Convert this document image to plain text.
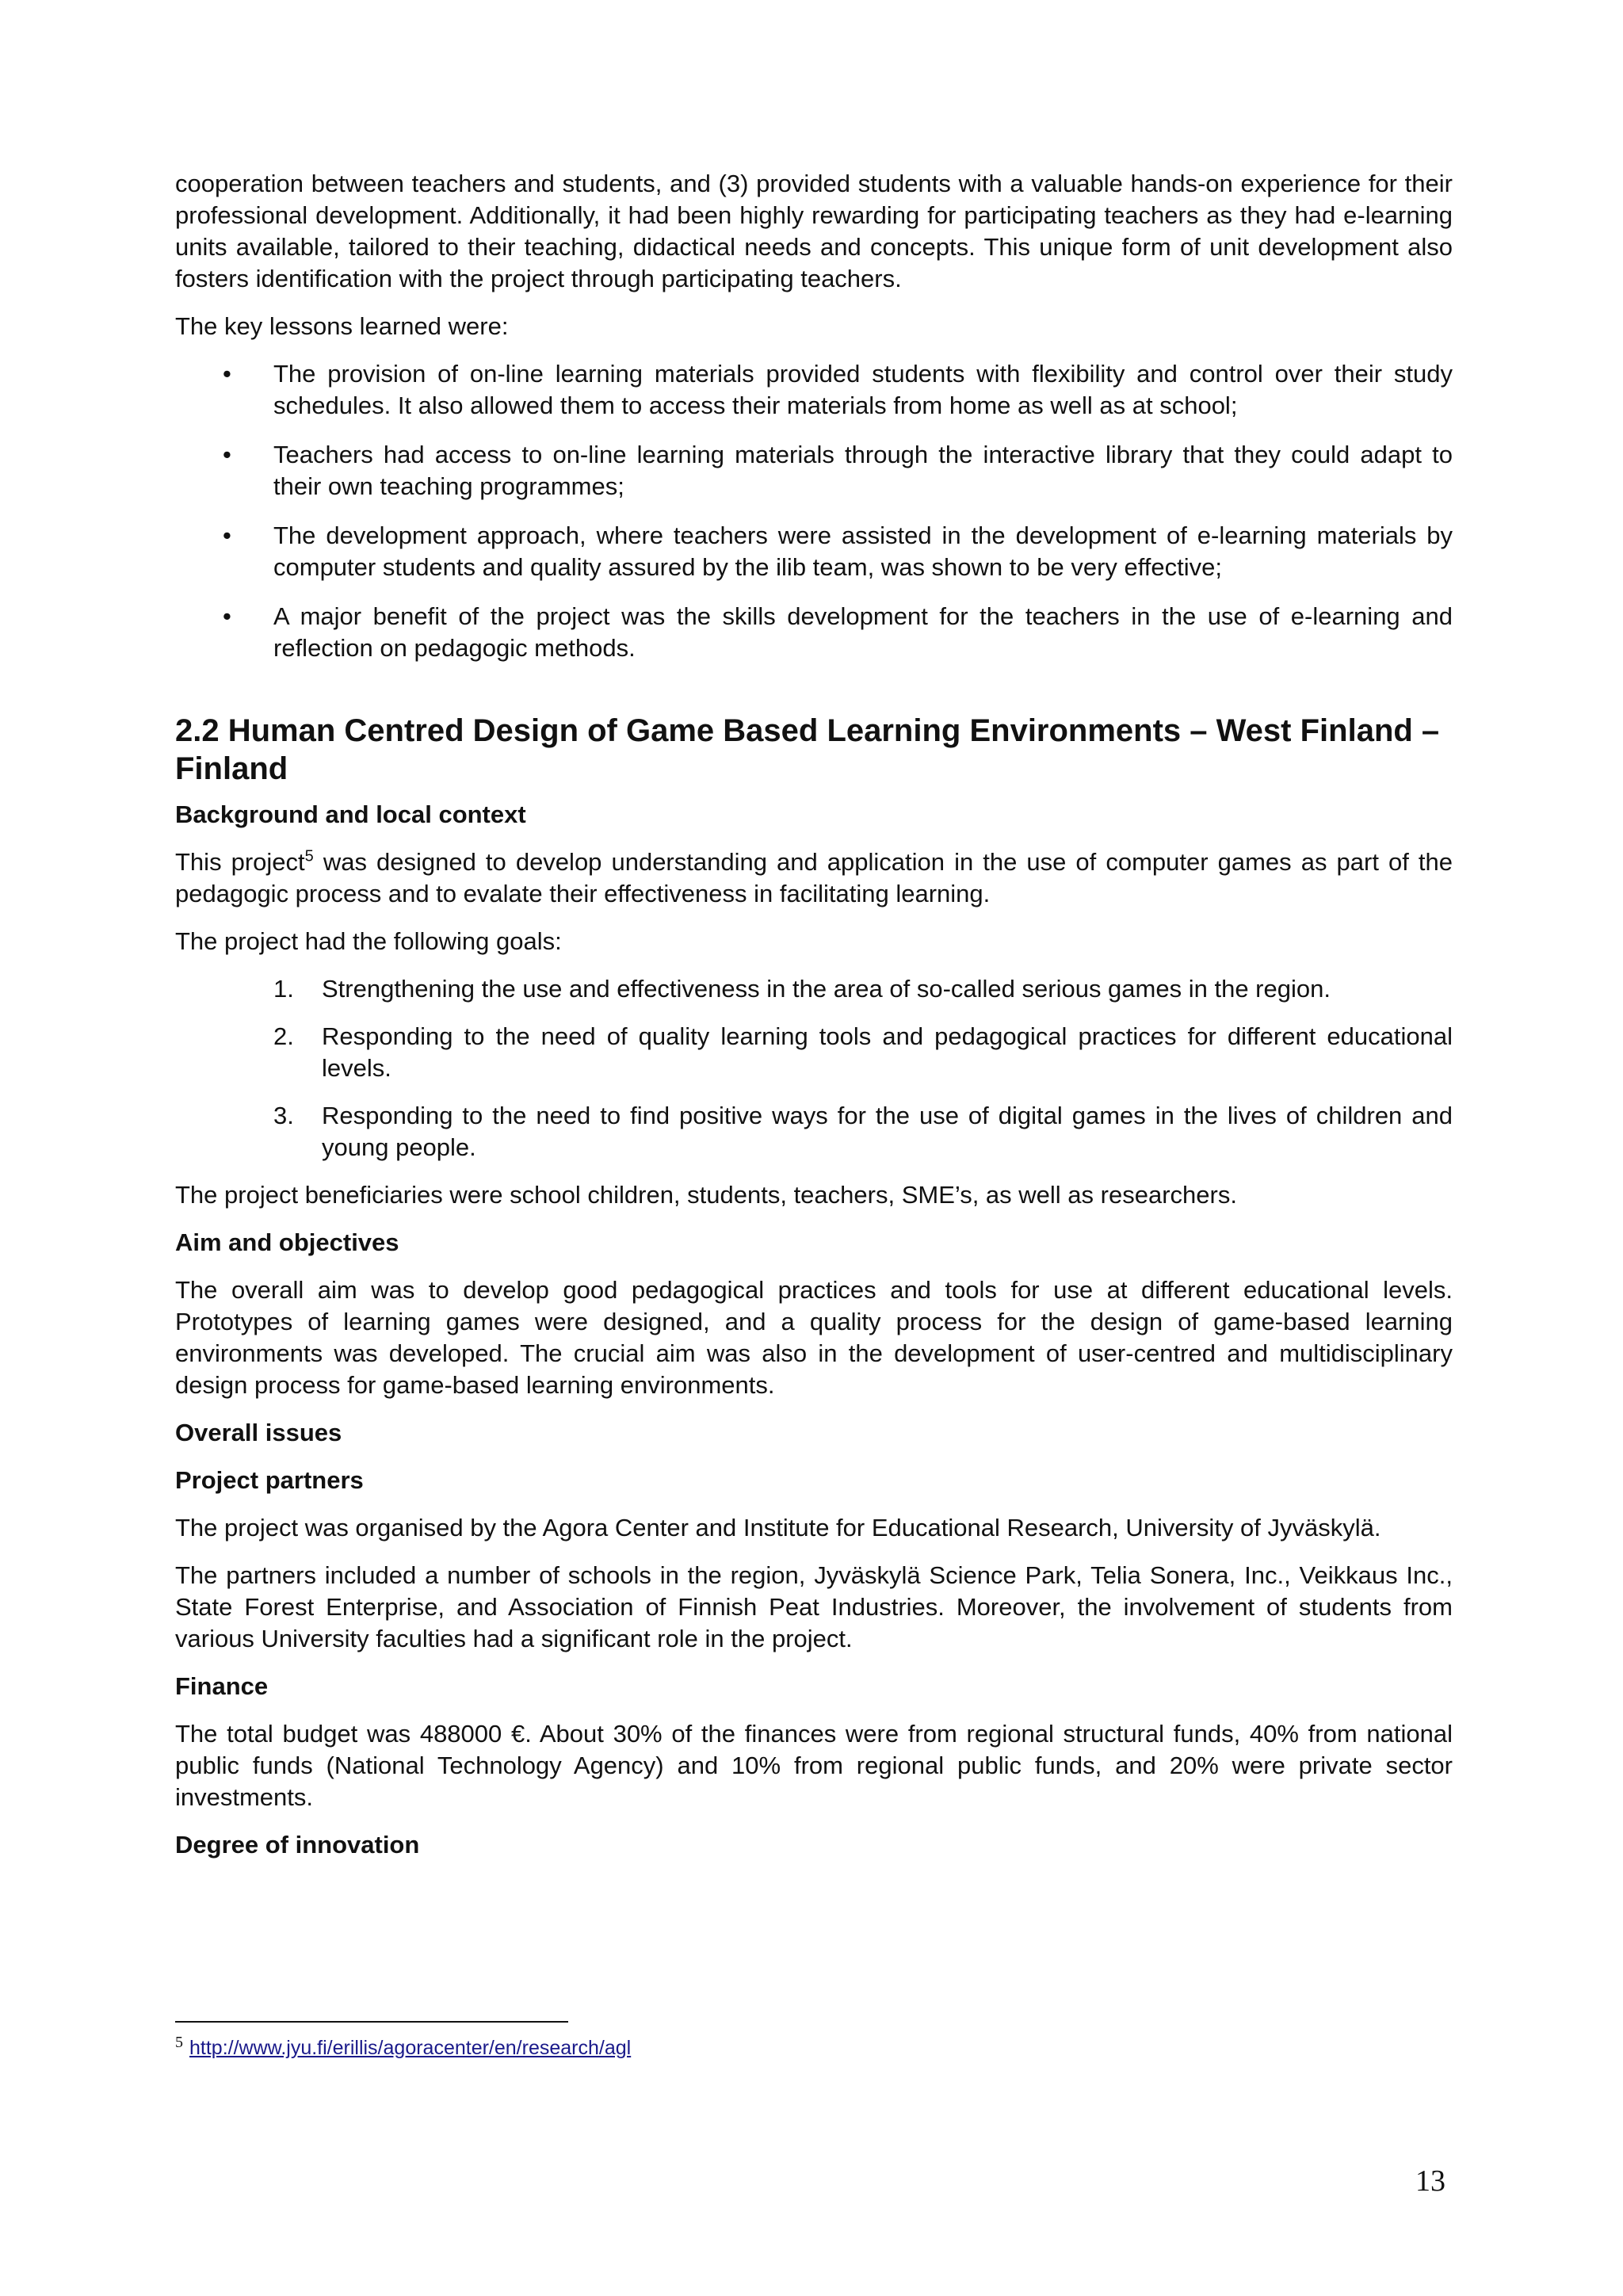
cooperation between teachers and students, and (3) provided students with a valuable hands-on experience for their professional development. Additionally, it had been highly rewarding for participating teachers as they had e-learning units available, tailored to their teaching, didactical needs and concepts. This unique form of unit development also fosters identification with the project through participating teachers.

The key lessons learned were:

• The provision of on-line learning materials provided students with flexibility and control over their study schedules. It also allowed them to access their materials from home as well as at school;
• Teachers had access to on-line learning materials through the interactive library that they could adapt to their own teaching programmes;
• The development approach, where teachers were assisted in the development of e-learning materials by computer students and quality assured by the ilib team, was shown to be very effective;
• A major benefit of the project was the skills development for the teachers in the use of e-learning and reflection on pedagogic methods.
2.2 Human Centred Design of Game Based Learning Environments – West Finland – Finland
Background and local context

This project$^5$ was designed to develop understanding and application in the use of computer games as part of the pedagogic process and to evalate their effectiveness in facilitating learning.

The project had the following goals:

1. Strengthening the use and effectiveness in the area of so-called serious games in the region.
2. Responding to the need of quality learning tools and pedagogical practices for different educational levels.
3. Responding to the need to find positive ways for the use of digital games in the lives of children and young people.

The project beneficiaries were school children, students, teachers, SME’s, as well as researchers.

Aim and objectives

The overall aim was to develop good pedagogical practices and tools for use at different educational levels. Prototypes of learning games were designed, and a quality process for the design of game-based learning environments was developed. The crucial aim was also in the development of user-centred and multidisciplinary design process for game-based learning environments.

Overall issues
Project partners

The project was organised by the Agora Center and Institute for Educational Research, University of Jyväskylä.

The partners included a number of schools in the region, Jyväskylä Science Park, Telia Sonera, Inc., Veikkaus Inc., State Forest Enterprise, and Association of Finnish Peat Industries. Moreover, the involvement of students from various University faculties had a significant role in the project.

Finance

The total budget was 488000 €. About 30% of the finances were from regional structural funds, 40% from national public funds (National Technology Agency) and 10% from regional public funds, and 20% were private sector investments.

Degree of innovation
$^5$ http://www.jyu.fi/erillis/agoracenter/en/research/agl
13
